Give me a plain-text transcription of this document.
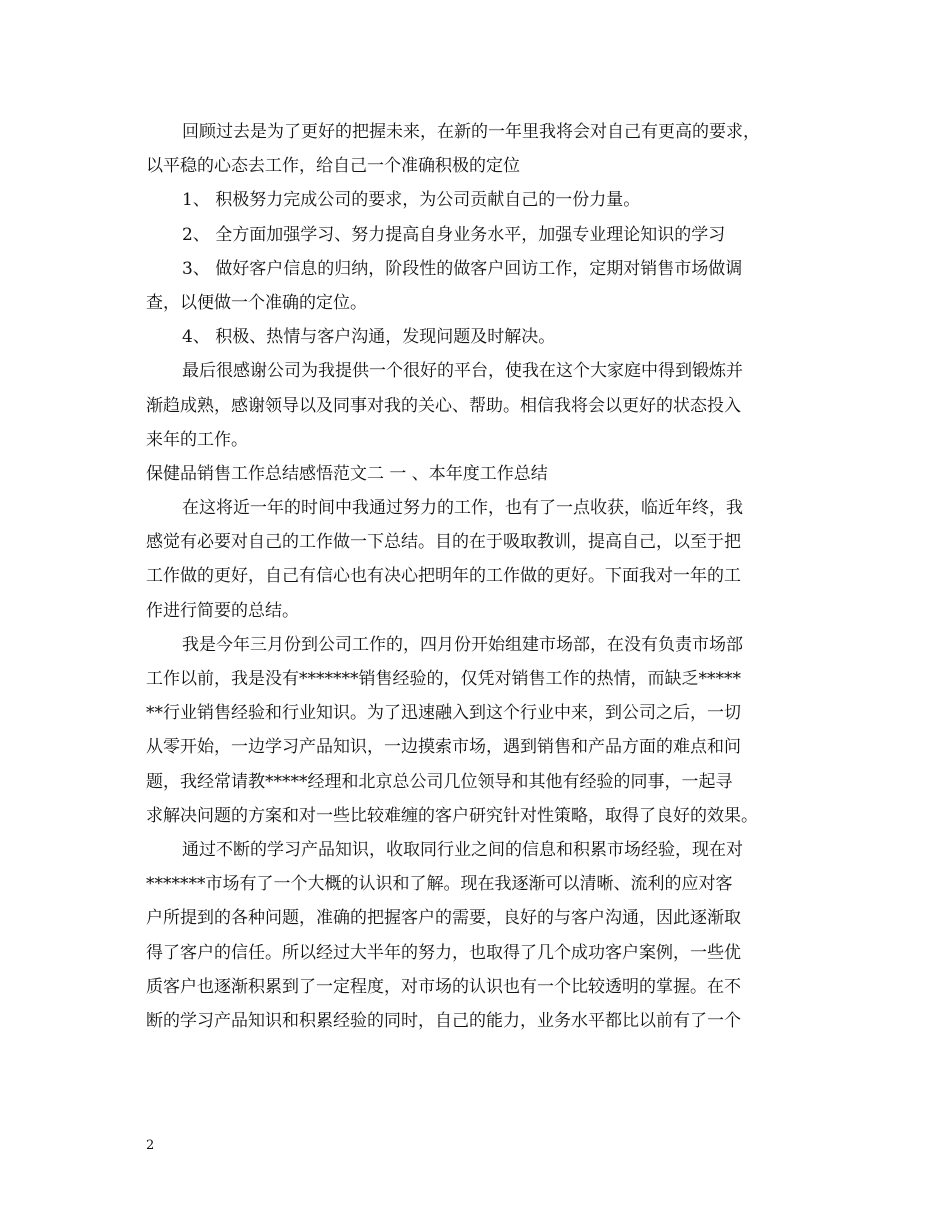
回顾过去是为了更好的把握未来，在新的一年里我将会对自己有更高的要求，
以平稳的心态去工作，给自己一个准确积极的定位
1、 积极努力完成公司的要求，为公司贡献自己的一份力量。
2、 全方面加强学习、努力提高自身业务水平，加强专业理论知识的学习
3、 做好客户信息的归纳，阶段性的做客户回访工作，定期对销售市场做调
查，以便做一个准确的定位。
4、 积极、热情与客户沟通，发现问题及时解决。
最后很感谢公司为我提供一个很好的平台，使我在这个大家庭中得到锻炼并
渐趋成熟，感谢领导以及同事对我的关心、帮助。相信我将会以更好的状态投入
来年的工作。
保健品销售工作总结感悟范文二 一 、本年度工作总结
在这将近一年的时间中我通过努力的工作，也有了一点收获，临近年终，我
感觉有必要对自己的工作做一下总结。目的在于吸取教训，提高自己，以至于把
工作做的更好，自己有信心也有决心把明年的工作做的更好。下面我对一年的工
作进行简要的总结。
我是今年三月份到公司工作的，四月份开始组建市场部，在没有负责市场部
工作以前，我是没有*******销售经验的，仅凭对销售工作的热情，而缺乏*****
**行业销售经验和行业知识。为了迅速融入到这个行业中来，到公司之后，一切
从零开始，一边学习产品知识，一边摸索市场，遇到销售和产品方面的难点和问
题，我经常请教*****经理和北京总公司几位领导和其他有经验的同事，一起寻
求解决问题的方案和对一些比较难缠的客户研究针对性策略，取得了良好的效果。
通过不断的学习产品知识，收取同行业之间的信息和积累市场经验，现在对
*******市场有了一个大概的认识和了解。现在我逐渐可以清晰、流利的应对客
户所提到的各种问题，准确的把握客户的需要，良好的与客户沟通，因此逐渐取
得了客户的信任。所以经过大半年的努力，也取得了几个成功客户案例，一些优
质客户也逐渐积累到了一定程度，对市场的认识也有一个比较透明的掌握。在不
断的学习产品知识和积累经验的同时，自己的能力，业务水平都比以前有了一个
2
